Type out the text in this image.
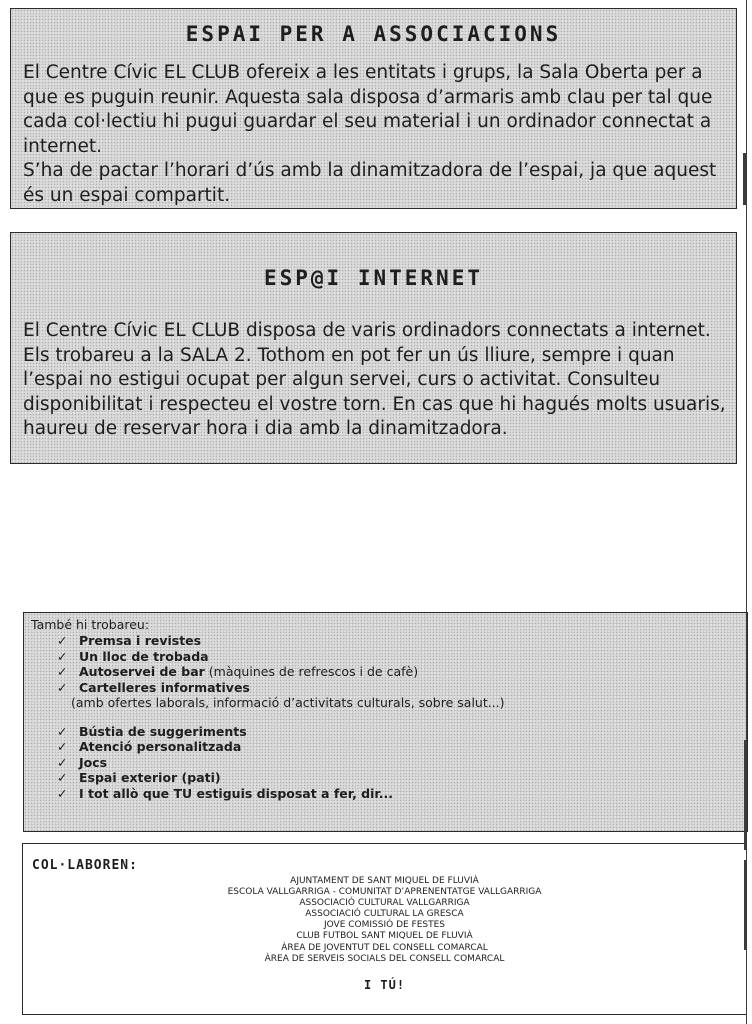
ESPAI PER A ASSOCIACIONS
El Centre Cívic EL CLUB ofereix a les entitats i grups, la Sala Oberta per a que es puguin reunir. Aquesta sala disposa d’armaris amb clau per tal que cada col·lectiu hi pugui guardar el seu material i un ordinador connectat a internet.
S’ha de pactar l’horari d’ús amb la dinamitzadora de l’espai, ja que aquest és un espai compartit.
ESP@I INTERNET

El Centre Cívic EL CLUB disposa de varis ordinadors connectats a internet. Els trobareu a la SALA 2. Tothom en pot fer un ús lliure, sempre i quan l’espai no estigui ocupat per algun servei, curs o activitat. Consulteu disponibilitat i respecteu el vostre torn. En cas que hi hagués molts usuaris, haureu de reservar hora i dia amb la dinamitzadora.

També hi trobareu:
✓ Premsa i revistes
✓ Un lloc de trobada
✓ Autoservei de bar (màquines de refrescos i de cafè)
✓ Cartelleres informatives
(amb ofertes laborals, informació d’activitats culturals, sobre salut...)
✓ Bústia de suggeriments
✓ Atenció personalitzada
✓ Jocs
✓ Espai exterior (pati)
✓ I tot allò que TU estiguis disposat a fer, dir...
COL·LABOREN:
AJUNTAMENT DE SANT MIQUEL DE FLUVIÀ
ESCOLA VALLGARRIGA - COMUNITAT D’APRENENTATGE VALLGARRIGA
ASSOCIACIÓ CULTURAL VALLGARRIGA
ASSOCIACIÓ CULTURAL LA GRESCA
JOVE COMISSIÓ DE FESTES
CLUB FUTBOL SANT MIQUEL DE FLUVIÀ
ÀREA DE JOVENTUT DEL CONSELL COMARCAL
ÀREA DE SERVEIS SOCIALS DEL CONSELL COMARCAL
I TÚ!
